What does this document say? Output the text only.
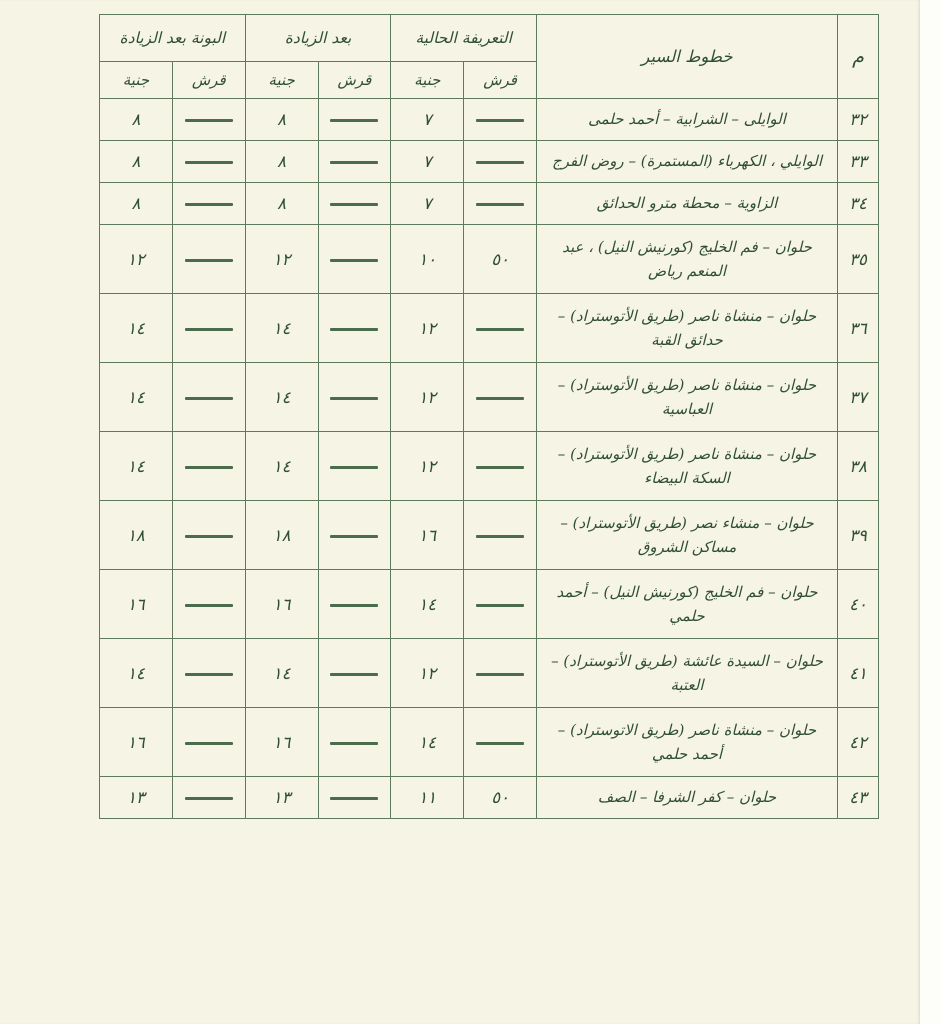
م	خطوط السير	التعريفة الحالية		بعد الزيادة		البونة بعد الزيادة	
		قرش	جنية	قرش	جنية	قرش	جنية
٣٢	الوايلى – الشرابية – أحمد حلمى		٧		٨		٨
٣٣	الوايلي ، الكهرباء (المستمرة) – روض الفرج		٧		٨		٨
٣٤	الزاوية – محطة مترو الحدائق		٧		٨		٨
٣٥	حلوان – فم الخليج (كورنيش النيل) ، عبد
المنعم رياض	٥٠	١٠		١٢		١٢
٣٦	حلوان – منشاة ناصر (طريق الأتوستراد) –
حدائق القبة		١٢		١٤		١٤
٣٧	حلوان – منشاة ناصر (طريق الأتوستراد) –
العباسية		١٢		١٤		١٤
٣٨	حلوان – منشاة ناصر (طريق الأتوستراد) –
السكة البيضاء		١٢		١٤		١٤
٣٩	حلوان – منشاء نصر (طريق الأتوستراد) –
مساكن الشروق		١٦		١٨		١٨
٤٠	حلوان – فم الخليج (كورنيش النيل) – أحمد
حلمي		١٤		١٦		١٦
٤١	حلوان – السيدة عائشة (طريق الأتوستراد) –
العتبة		١٢		١٤		١٤
٤٢	حلوان – منشاة ناصر (طريق الاتوستراد) –
أحمد حلمي		١٤		١٦		١٦
٤٣	حلوان – كفر الشرفا – الصف	٥٠	١١		١٣		١٣
